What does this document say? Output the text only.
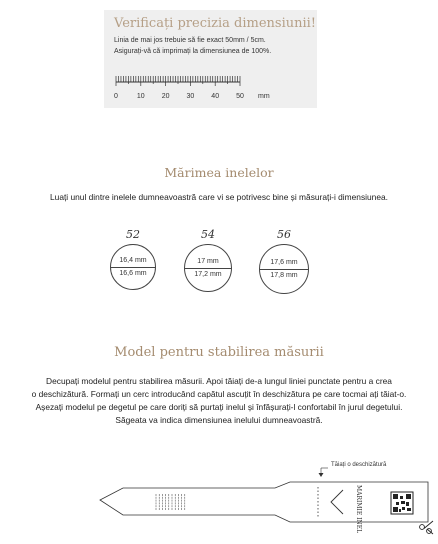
Verificați precizia dimensiunii!
Linia de mai jos trebuie să fie exact 50mm / 5cm.
Asigurați-vă că imprimați la dimensiunea de 100%.
0	10 20 30 40 50 mm
Mărimea inelelor
Luați unul dintre inelele dumneavoastră care vi se potrivesc bine și măsurați-i dimensiunea.
52
16,4 mm
16,6 mm
54
17 mm
17,2 mm
56
17,6 mm
17,8 mm
Model pentru stabilirea măsurii
Decupați modelul pentru stabilirea măsurii. Apoi tăiați de-a lungul liniei punctate pentru a crea
o deschizătură. Formați un cerc introducând capătul ascuțit în deschizătura pe care tocmai ați tăiat-o.
Așezați modelul pe degetul pe care doriți să purtați inelul și înfășurați-l confortabil în jurul degetului.
Săgeata va indica dimensiunea inelului dumneavoastră.
Tăiați o deschizătură
MARIMIE INEL
